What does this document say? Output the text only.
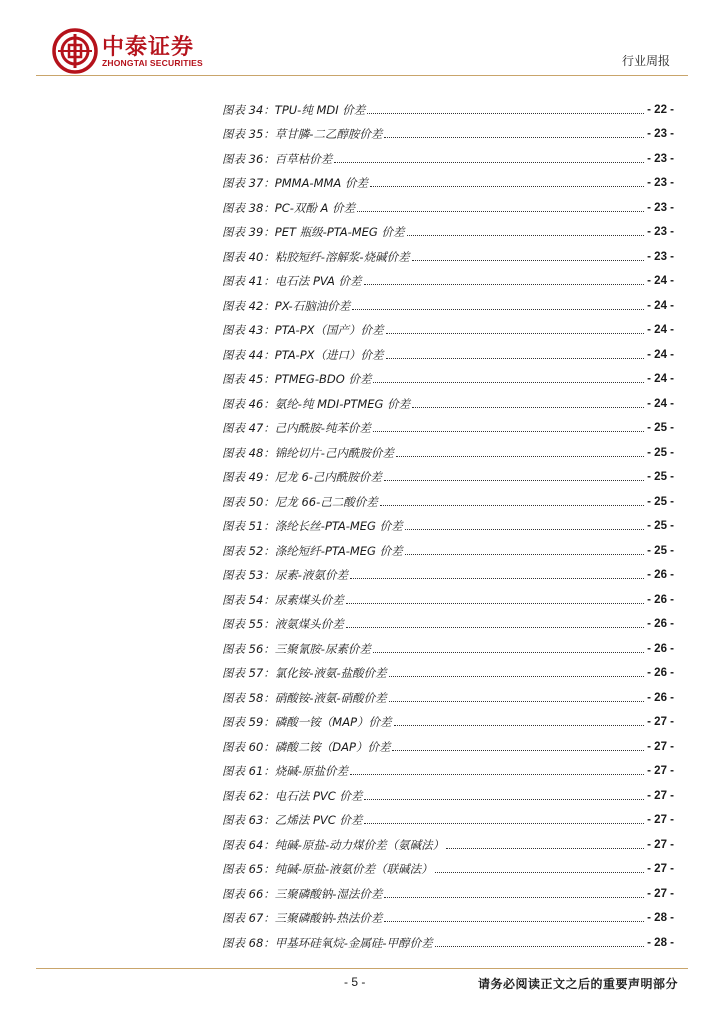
中泰证券
ZHONGTAI SECURITIES	行业周报
图表 34：TPU-纯 MDI 价差	- 22 -
图表 35：草甘膦-二乙醇胺价差	- 23 -
图表 36：百草枯价差	- 23 -
图表 37：PMMA-MMA 价差	- 23 -
图表 38：PC-双酚 A 价差	- 23 -
图表 39：PET 瓶级-PTA-MEG 价差	- 23 -
图表 40：粘胶短纤-溶解浆-烧碱价差	- 23 -
图表 41：电石法 PVA 价差	- 24 -
图表 42：PX-石脑油价差	- 24 -
图表 43：PTA-PX（国产）价差	- 24 -
图表 44：PTA-PX（进口）价差	- 24 -
图表 45：PTMEG-BDO 价差	- 24 -
图表 46：氨纶-纯 MDI-PTMEG 价差	- 24 -
图表 47：己内酰胺-纯苯价差	- 25 -
图表 48：锦纶切片-己内酰胺价差	- 25 -
图表 49：尼龙 6-己内酰胺价差	- 25 -
图表 50：尼龙 66-己二酸价差	- 25 -
图表 51：涤纶长丝-PTA-MEG 价差	- 25 -
图表 52：涤纶短纤-PTA-MEG 价差	- 25 -
图表 53：尿素-液氨价差	- 26 -
图表 54：尿素煤头价差	- 26 -
图表 55：液氨煤头价差	- 26 -
图表 56：三聚氰胺-尿素价差	- 26 -
图表 57：氯化铵-液氨-盐酸价差	- 26 -
图表 58：硝酸铵-液氨-硝酸价差	- 26 -
图表 59：磷酸一铵（MAP）价差	- 27 -
图表 60：磷酸二铵（DAP）价差	- 27 -
图表 61：烧碱-原盐价差	- 27 -
图表 62：电石法 PVC 价差	- 27 -
图表 63：乙烯法 PVC 价差	- 27 -
图表 64：纯碱-原盐-动力煤价差（氨碱法）	- 27 -
图表 65：纯碱-原盐-液氨价差（联碱法）	- 27 -
图表 66：三聚磷酸钠-湿法价差	- 27 -
图表 67：三聚磷酸钠-热法价差	- 28 -
图表 68：甲基环硅氧烷-金属硅-甲醇价差	- 28 -
- 5 -	请务必阅读正文之后的重要声明部分
